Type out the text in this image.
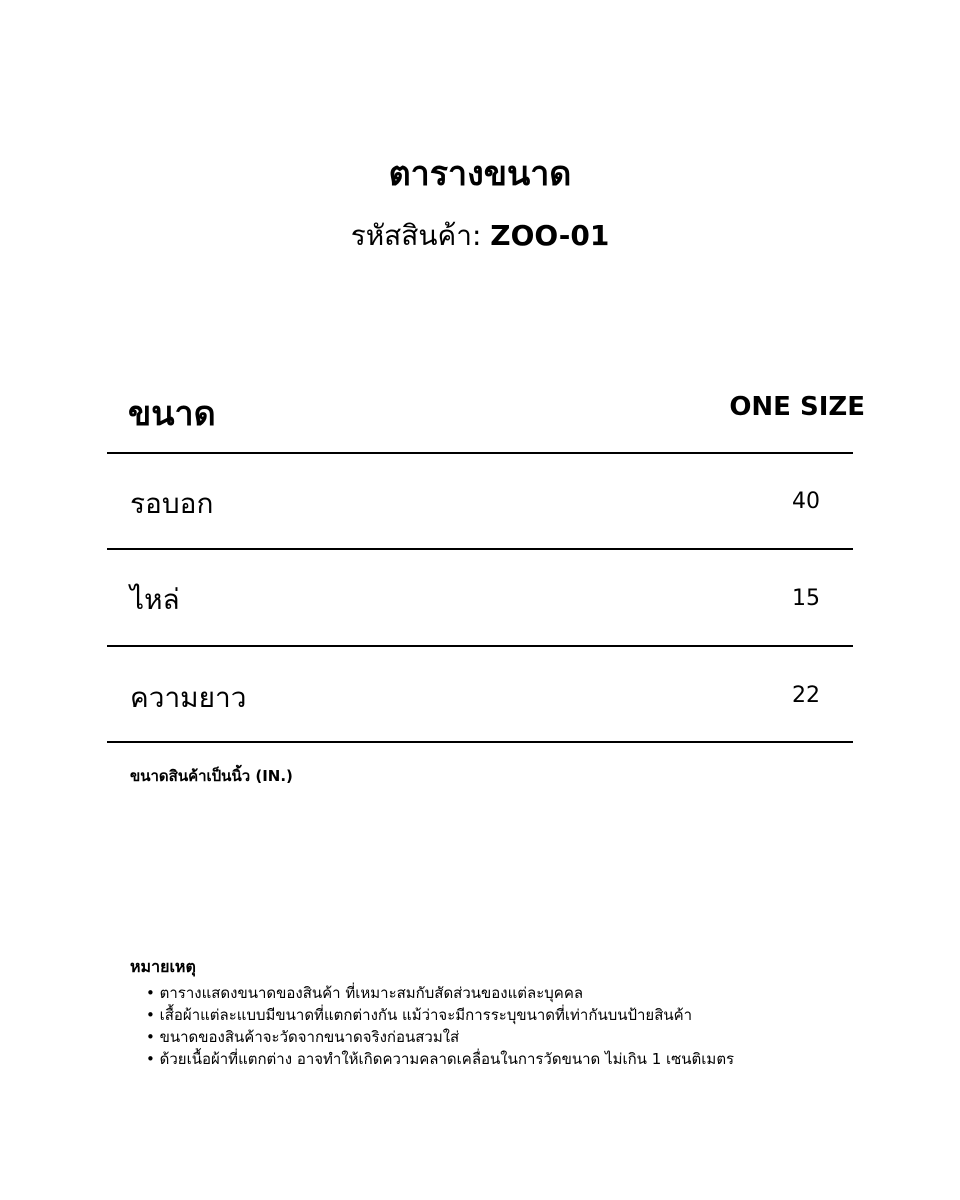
ตารางขนาด
รหัสสินค้า: ZOO-01
ขนาด	ONE SIZE
รอบอก	40
ไหล่	15
ความยาว	22
ขนาดสินค้าเป็นนิ้ว (IN.)
หมายเหตุ
• ตารางแสดงขนาดของสินค้า ที่เหมาะสมกับสัดส่วนของแต่ละบุคคล
• เสื้อผ้าแต่ละแบบมีขนาดที่แตกต่างกัน แม้ว่าจะมีการระบุขนาดที่เท่ากันบนป้ายสินค้า
• ขนาดของสินค้าจะวัดจากขนาดจริงก่อนสวมใส่
• ด้วยเนื้อผ้าที่แตกต่าง อาจทำให้เกิดความคลาดเคลื่อนในการวัดขนาด ไม่เกิน 1 เซนติเมตร
